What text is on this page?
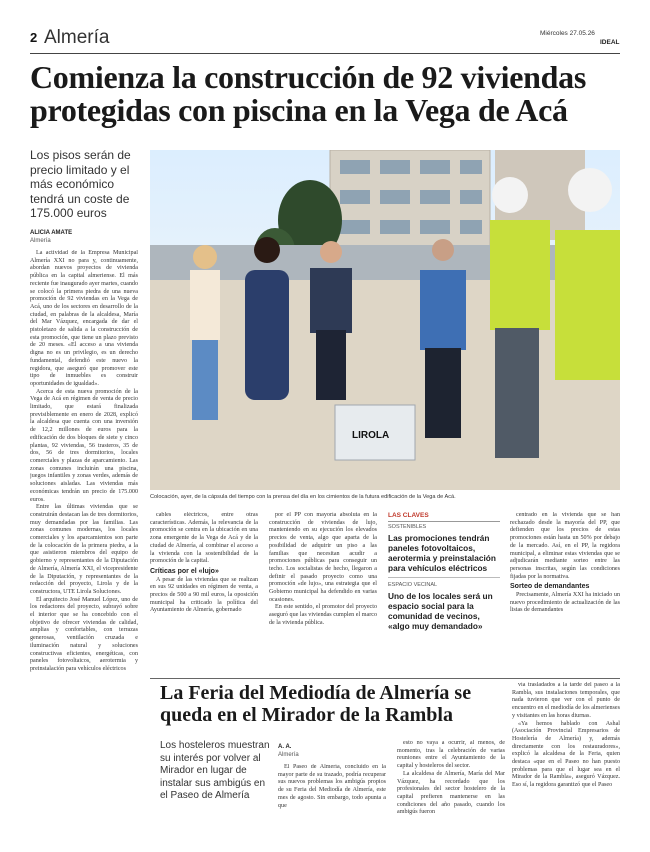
2 Almería	Miércoles 27.05.26
IDEAL
Comienza la construcción de 92 viviendas protegidas con piscina en la Vega de Acá
Los pisos serán de precio limitado y el más económico tendrá un coste de 175.000 euros
ALICIA AMATE
Almería
LIROLA
Colocación, ayer, de la cápsula del tiempo con la prensa del día en los cimientos de la futura edificación de la Vega de Acá.

La actividad de la Empresa Municipal Almería XXI no para y, continuamente, abordan nuevos proyectos de vivienda pública en la capital almeriense. El más reciente fue inaugurado ayer martes, cuando se colocó la primera piedra de una nueva promoción de 92 viviendas en la Vega de Acá, uno de los sectores en desarrollo de la ciudad, en palabras de la alcaldesa, María del Mar Vázquez, encargada de dar el pistoletazo de salida a la construcción de esta promoción, que tiene un plazo previsto de 20 meses. «El acceso a una vivienda digna no es un privilegio, es un derecho fundamental, defendió este nuevo la regidora, que aseguró que promover este tipo de inmuebles es construir oportunidades de igualdad».

Acerca de esta nueva promoción de la Vega de Acá en régimen de venta de precio limitado, que estará finalizada previsiblemente en enero de 2028, explicó la alcaldesa que cuenta con una inversión de 12,2 millones de euros para la edificación de dos bloques de siete y cinco plantas, 92 viviendas, 56 trasteros, 35 de dos, 56 de tres dormitorios, locales comerciales y plazas de aparcamiento. Las zonas comunes incluirán una piscina, juegos infantiles y zonas verdes, además de soluciones aisladas. Las viviendas más económicas tendrán un precio de 175.000 euros.

Entre las últimas viviendas que se construirán destacan las de tres dormitorios, muy demandadas por las familias. Las zonas comunes modernas, los locales comerciales y los aparcamientos son parte de la colocación de la primera piedra, a la que asistieron miembros del equipo de gobierno y representantes de la Diputación de Almería, Almería XXI, el vicepresidente de la Diputación, y representantes de la redacción del proyecto, Lirola y de la constructora, UTE Lirola Soluciones.

El arquitecto José Manuel López, uno de los redactores del proyecto, subrayó sobre el interior que se ha concebido con el objetivo de ofrecer viviendas de calidad, amplias y confortables, con terrazas generosas, ventilación cruzada e iluminación natural y soluciones constructivas eficientes, energéticas, con paneles fotovoltaicos, aerotermia y preinstalación para vehículos eléctricos

cables eléctricos, entre otras características. Además, la relevancia de la promoción se centra en la ubicación en una zona emergente de la Vega de Acá y de la ciudad de Almería, al combinar el acceso a la vivienda con la sostenibilidad de la promoción de la capital.

Críticas por el «lujo»

A pesar de las viviendas que se realizan en sus 92 unidades en régimen de venta, a precios de 500 a 90 mil euros, la oposición municipal ha criticado la política del Ayuntamiento de Almería, gobernado

por el PP con mayoría absoluta en la construcción de viviendas de lujo, manteniendo en su ejecución los elevados precios de venta, algo que aparta de la posibilidad de adquirir un piso a las familias que necesitan acudir a promociones públicas para conseguir un techo. Los socialistas de hecho, llegaron a definir el pasado proyecto como una promoción «de lujo», una estrategia que el Gobierno municipal ha defendido en varias ocasiones.

En este sentido, el promotor del proyecto aseguró que las viviendas cumplen el marco de la vivienda pública.

LAS CLAVES
SOSTENIBLES
Las promociones tendrán paneles fotovoltaicos, aerotermia y preinstalación para vehículos eléctricos
ESPACIO VECINAL
Uno de los locales será un espacio social para la comunidad de vecinos, «algo muy demandado»

centrado en la vivienda que se han rechazado desde la mayoría del PP, que defienden que los precios de estas promociones están hasta un 50% por debajo de la mercado. Así, en el PP, la regidora municipal, a eliminar estas viviendas que se adjudicarán mediante sorteo entre las personas inscritas, según las condiciones fijadas por la normativa.

Sorteo de demandantes

Precisamente, Almería XXI ha iniciado un nuevo procedimiento de actualización de las listas de demandantes

La Feria del Mediodía de Almería se queda en el Mirador de la Rambla
Los hosteleros muestran su interés por volver al Mirador en lugar de instalar sus ambigús en el Paseo de Almería
A. A.
Almería

El Paseo de Almería, concluido en la mayor parte de su trazado, podría recuperar sus nuevos problemas los ambigús propios de su Feria del Mediodía de Almería, este mes de agosto. Sin embargo, todo apunta a que

esto no vaya a ocurrir, al menos, de momento, tras la celebración de varias reuniones entre el Ayuntamiento de la capital y hosteleros del sector.

La alcaldesa de Almería, María del Mar Vázquez, ha recordado que los profesionales del sector hostelero de la capital prefieren mantenerse en las condiciones del año pasado, cuando los ambigús fueron

vía trasladados a la tarde del paseo a la Rambla, sus instalaciones temporales, que nada tuvieron que ver con el punto de encuentro en el mediodía de los almerienses y visitantes en las horas diurnas.

«Ya hemos hablado con Ashal (Asociación Provincial Empresarios de Hostelería de Almería) y, además directamente con los restauradores», explicó la alcaldesa de la Feria, quien destaca «que en el Paseo no han puesto problemas para que el lugar sea en el Mirador de la Rambla», aseguró Vázquez. Eso sí, la regidora garantizó que el Paseo
